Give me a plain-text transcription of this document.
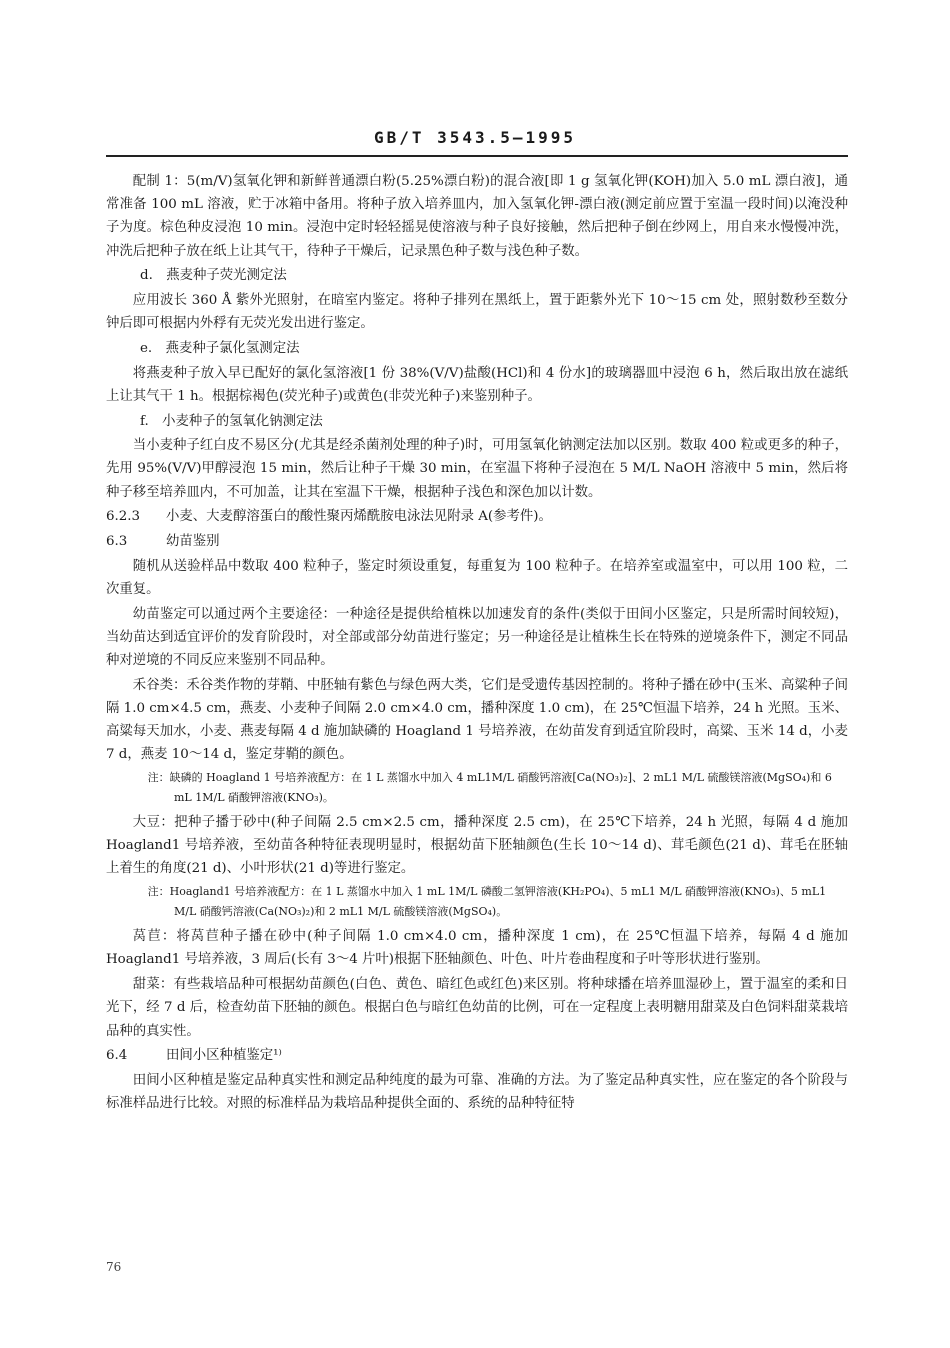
GB/T 3543.5—1995

配制 1：5(m/V)氢氧化钾和新鲜普通漂白粉(5.25%漂白粉)的混合液[即 1 g 氢氧化钾(KOH)加入 5.0 mL 漂白液]，通常准备 100 mL 溶液，贮于冰箱中备用。将种子放入培养皿内，加入氢氧化钾-漂白液(测定前应置于室温一段时间)以淹没种子为度。棕色种皮浸泡 10 min。浸泡中定时轻轻摇晃使溶液与种子良好接触，然后把种子倒在纱网上，用自来水慢慢冲洗，冲洗后把种子放在纸上让其气干，待种子干燥后，记录黑色种子数与浅色种子数。

d.　燕麦种子荧光测定法

应用波长 360 Å 紫外光照射，在暗室内鉴定。将种子排列在黑纸上，置于距紫外光下 10～15 cm 处，照射数秒至数分钟后即可根据内外稃有无荧光发出进行鉴定。

e.　燕麦种子氯化氢测定法

将燕麦种子放入早已配好的氯化氢溶液[1 份 38%(V/V)盐酸(HCl)和 4 份水]的玻璃器皿中浸泡 6 h，然后取出放在滤纸上让其气干 1 h。根据棕褐色(荧光种子)或黄色(非荧光种子)来鉴别种子。

f.　小麦种子的氢氧化钠测定法

当小麦种子红白皮不易区分(尤其是经杀菌剂处理的种子)时，可用氢氧化钠测定法加以区别。数取 400 粒或更多的种子，先用 95%(V/V)甲醇浸泡 15 min，然后让种子干燥 30 min，在室温下将种子浸泡在 5 M/L NaOH 溶液中 5 min，然后将种子移至培养皿内，不可加盖，让其在室温下干燥，根据种子浅色和深色加以计数。

6.2.3 小麦、大麦醇溶蛋白的酸性聚丙烯酰胺电泳法见附录 A(参考件)。

6.3	幼苗鉴别

随机从送验样品中数取 400 粒种子，鉴定时须设重复，每重复为 100 粒种子。在培养室或温室中，可以用 100 粒，二次重复。

幼苗鉴定可以通过两个主要途径：一种途径是提供给植株以加速发育的条件(类似于田间小区鉴定，只是所需时间较短)，当幼苗达到适宜评价的发育阶段时，对全部或部分幼苗进行鉴定；另一种途径是让植株生长在特殊的逆境条件下，测定不同品种对逆境的不同反应来鉴别不同品种。

禾谷类：禾谷类作物的芽鞘、中胚轴有紫色与绿色两大类，它们是受遗传基因控制的。将种子播在砂中(玉米、高粱种子间隔 1.0 cm×4.5 cm，燕麦、小麦种子间隔 2.0 cm×4.0 cm，播种深度 1.0 cm)，在 25℃恒温下培养，24 h 光照。玉米、高粱每天加水，小麦、燕麦每隔 4 d 施加缺磷的 Hoagland 1 号培养液，在幼苗发育到适宜阶段时，高粱、玉米 14 d，小麦 7 d，燕麦 10～14 d，鉴定芽鞘的颜色。

注：缺磷的 Hoagland 1 号培养液配方：在 1 L 蒸馏水中加入 4 mL1M/L 硝酸钙溶液[Ca(NO₃)₂]、2 mL1 M/L 硫酸镁溶液(MgSO₄)和 6 mL 1M/L 硝酸钾溶液(KNO₃)。

大豆：把种子播于砂中(种子间隔 2.5 cm×2.5 cm，播种深度 2.5 cm)，在 25℃下培养，24 h 光照，每隔 4 d 施加 Hoagland1 号培养液，至幼苗各种特征表现明显时，根据幼苗下胚轴颜色(生长 10～14 d)、茸毛颜色(21 d)、茸毛在胚轴上着生的角度(21 d)、小叶形状(21 d)等进行鉴定。

注：Hoagland1 号培养液配方：在 1 L 蒸馏水中加入 1 mL 1M/L 磷酸二氢钾溶液(KH₂PO₄)、5 mL1 M/L 硝酸钾溶液(KNO₃)、5 mL1 M/L 硝酸钙溶液(Ca(NO₃)₂)和 2 mL1 M/L 硫酸镁溶液(MgSO₄)。

莴苣：将莴苣种子播在砂中(种子间隔 1.0 cm×4.0 cm，播种深度 1 cm)，在 25℃恒温下培养，每隔 4 d 施加 Hoagland1 号培养液，3 周后(长有 3～4 片叶)根据下胚轴颜色、叶色、叶片卷曲程度和子叶等形状进行鉴别。

甜菜：有些栽培品种可根据幼苗颜色(白色、黄色、暗红色或红色)来区别。将种球播在培养皿湿砂上，置于温室的柔和日光下，经 7 d 后，检查幼苗下胚轴的颜色。根据白色与暗红色幼苗的比例，可在一定程度上表明糖用甜菜及白色饲料甜菜栽培品种的真实性。

6.4	田间小区种植鉴定¹⁾

田间小区种植是鉴定品种真实性和测定品种纯度的最为可靠、准确的方法。为了鉴定品种真实性，应在鉴定的各个阶段与标准样品进行比较。对照的标准样品为栽培品种提供全面的、系统的品种特征特

76
